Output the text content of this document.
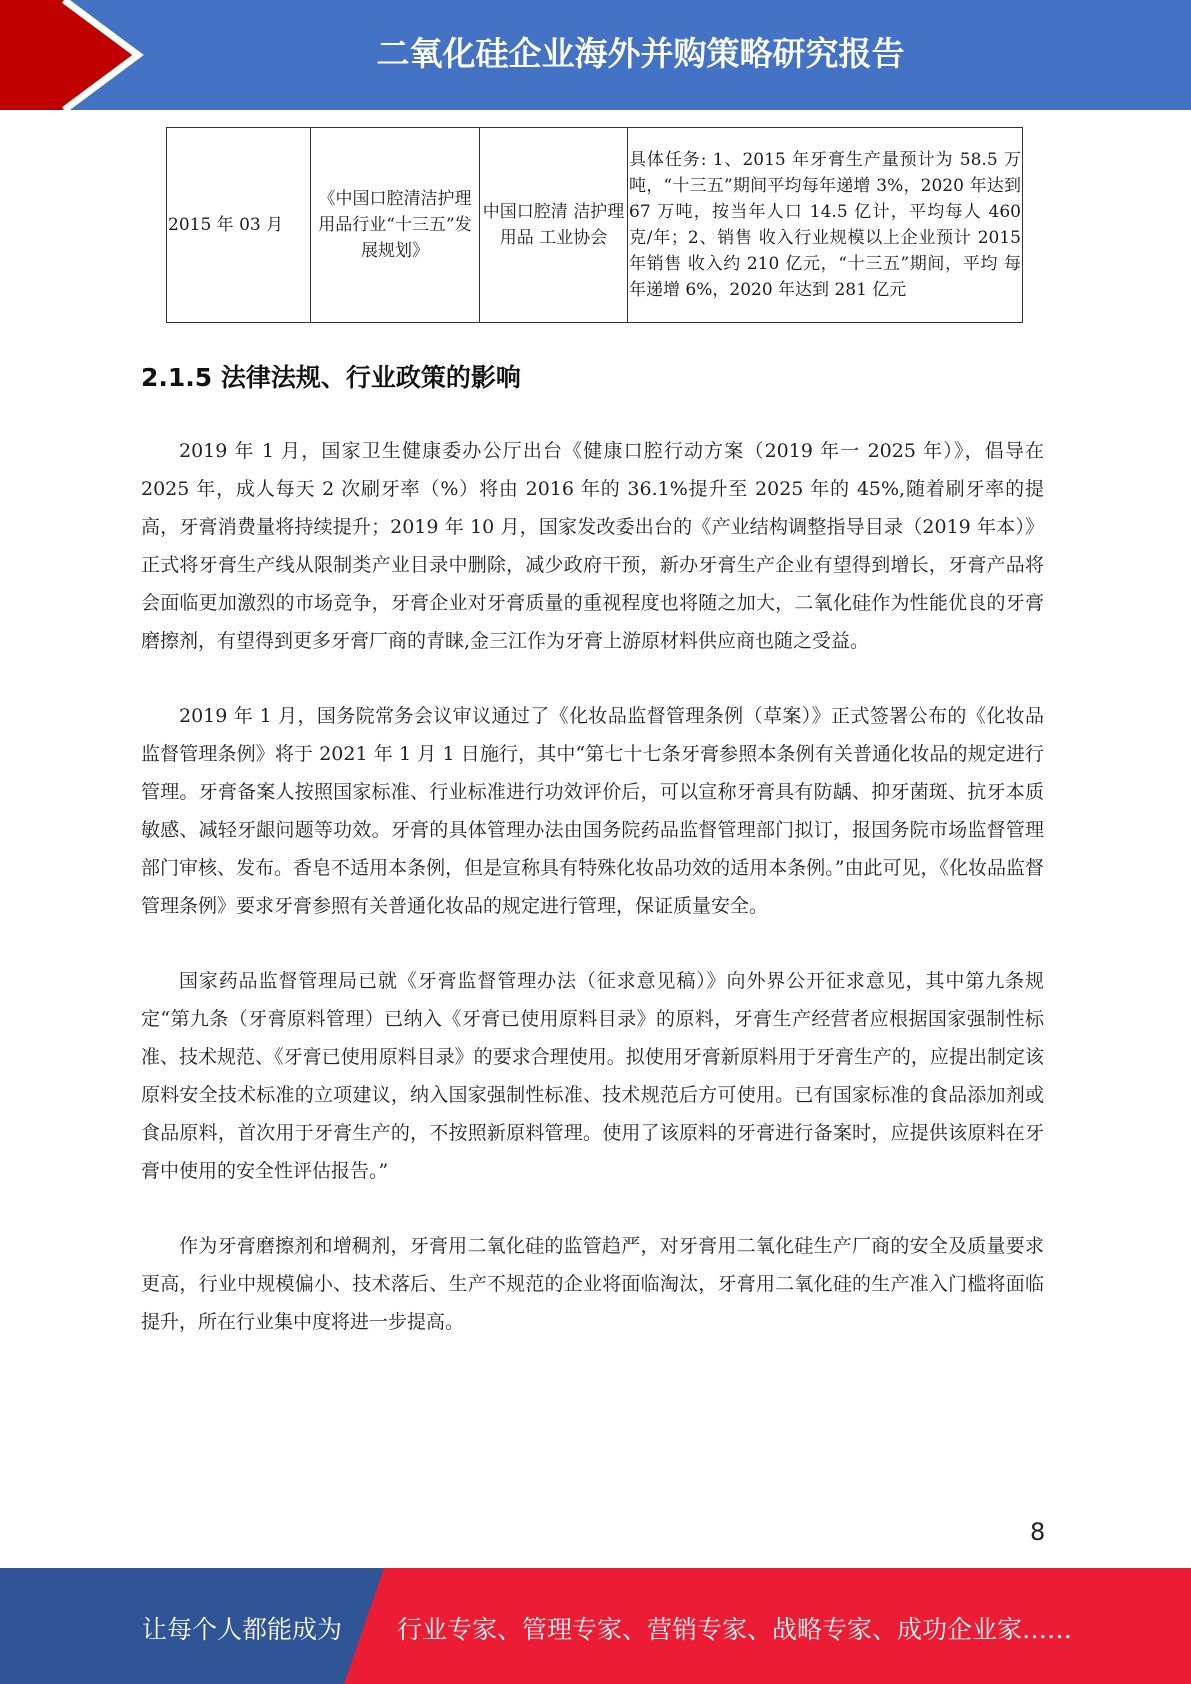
二氧化硅企业海外并购策略研究报告
2015 年 03 月	《中国口腔清洁护理用品行业“十三五”发展规划》	中国口腔清 洁护理用品 工业协会	具体任务: 1、2015 年牙膏生产量预计为 58.5 万吨，“十三五”期间平均每年递增 3%，2020 年达到 67 万吨，按当年人口 14.5 亿计，平均每人 460 克/年；2、销售 收入行业规模以上企业预计 2015 年销售 收入约 210 亿元，“十三五”期间，平均 每年递增 6%，2020 年达到 281 亿元
2.1.5 法律法规、行业政策的影响

2019 年 1 月，国家卫生健康委办公厅出台《健康口腔行动方案（2019 年一 2025 年）》，倡导在 2025 年，成人每天 2 次刷牙率（%）将由 2016 年的 36.1%提升至 2025 年的 45%,随着刷牙率的提高，牙膏消费量将持续提升；2019 年 10 月，国家发改委出台的《产业结构调整指导目录（2019 年本）》正式将牙膏生产线从限制类产业目录中删除，减少政府干预，新办牙膏生产企业有望得到增长，牙膏产品将会面临更加激烈的市场竞争，牙膏企业对牙膏质量的重视程度也将随之加大，二氧化硅作为性能优良的牙膏磨擦剂，有望得到更多牙膏厂商的青睐,金三江作为牙膏上游原材料供应商也随之受益。

2019 年 1 月，国务院常务会议审议通过了《化妆品监督管理条例（草案）》正式签署公布的《化妆品监督管理条例》将于 2021 年 1 月 1 日施行，其中“第七十七条牙膏参照本条例有关普通化妆品的规定进行管理。牙膏备案人按照国家标准、行业标准进行功效评价后，可以宣称牙膏具有防龋、抑牙菌斑、抗牙本质敏感、减轻牙龈问题等功效。牙膏的具体管理办法由国务院药品监督管理部门拟订，报国务院市场监督管理部门审核、发布。香皂不适用本条例，但是宣称具有特殊化妆品功效的适用本条例。”由此可见，《化妆品监督管理条例》要求牙膏参照有关普通化妆品的规定进行管理，保证质量安全。

国家药品监督管理局已就《牙膏监督管理办法（征求意见稿）》向外界公开征求意见，其中第九条规定“第九条（牙膏原料管理）已纳入《牙膏已使用原料目录》的原料，牙膏生产经营者应根据国家强制性标准、技术规范、《牙膏已使用原料目录》的要求合理使用。拟使用牙膏新原料用于牙膏生产的，应提出制定该原料安全技术标准的立项建议，纳入国家强制性标准、技术规范后方可使用。已有国家标准的食品添加剂或食品原料，首次用于牙膏生产的，不按照新原料管理。使用了该原料的牙膏进行备案时，应提供该原料在牙膏中使用的安全性评估报告。”

作为牙膏磨擦剂和增稠剂，牙膏用二氧化硅的监管趋严，对牙膏用二氧化硅生产厂商的安全及质量要求更高，行业中规模偏小、技术落后、生产不规范的企业将面临淘汰，牙膏用二氧化硅的生产准入门槛将面临提升，所在行业集中度将进一步提高。

8
让每个人都能成为 行业专家、管理专家、营销专家、战略专家、成功企业家……
